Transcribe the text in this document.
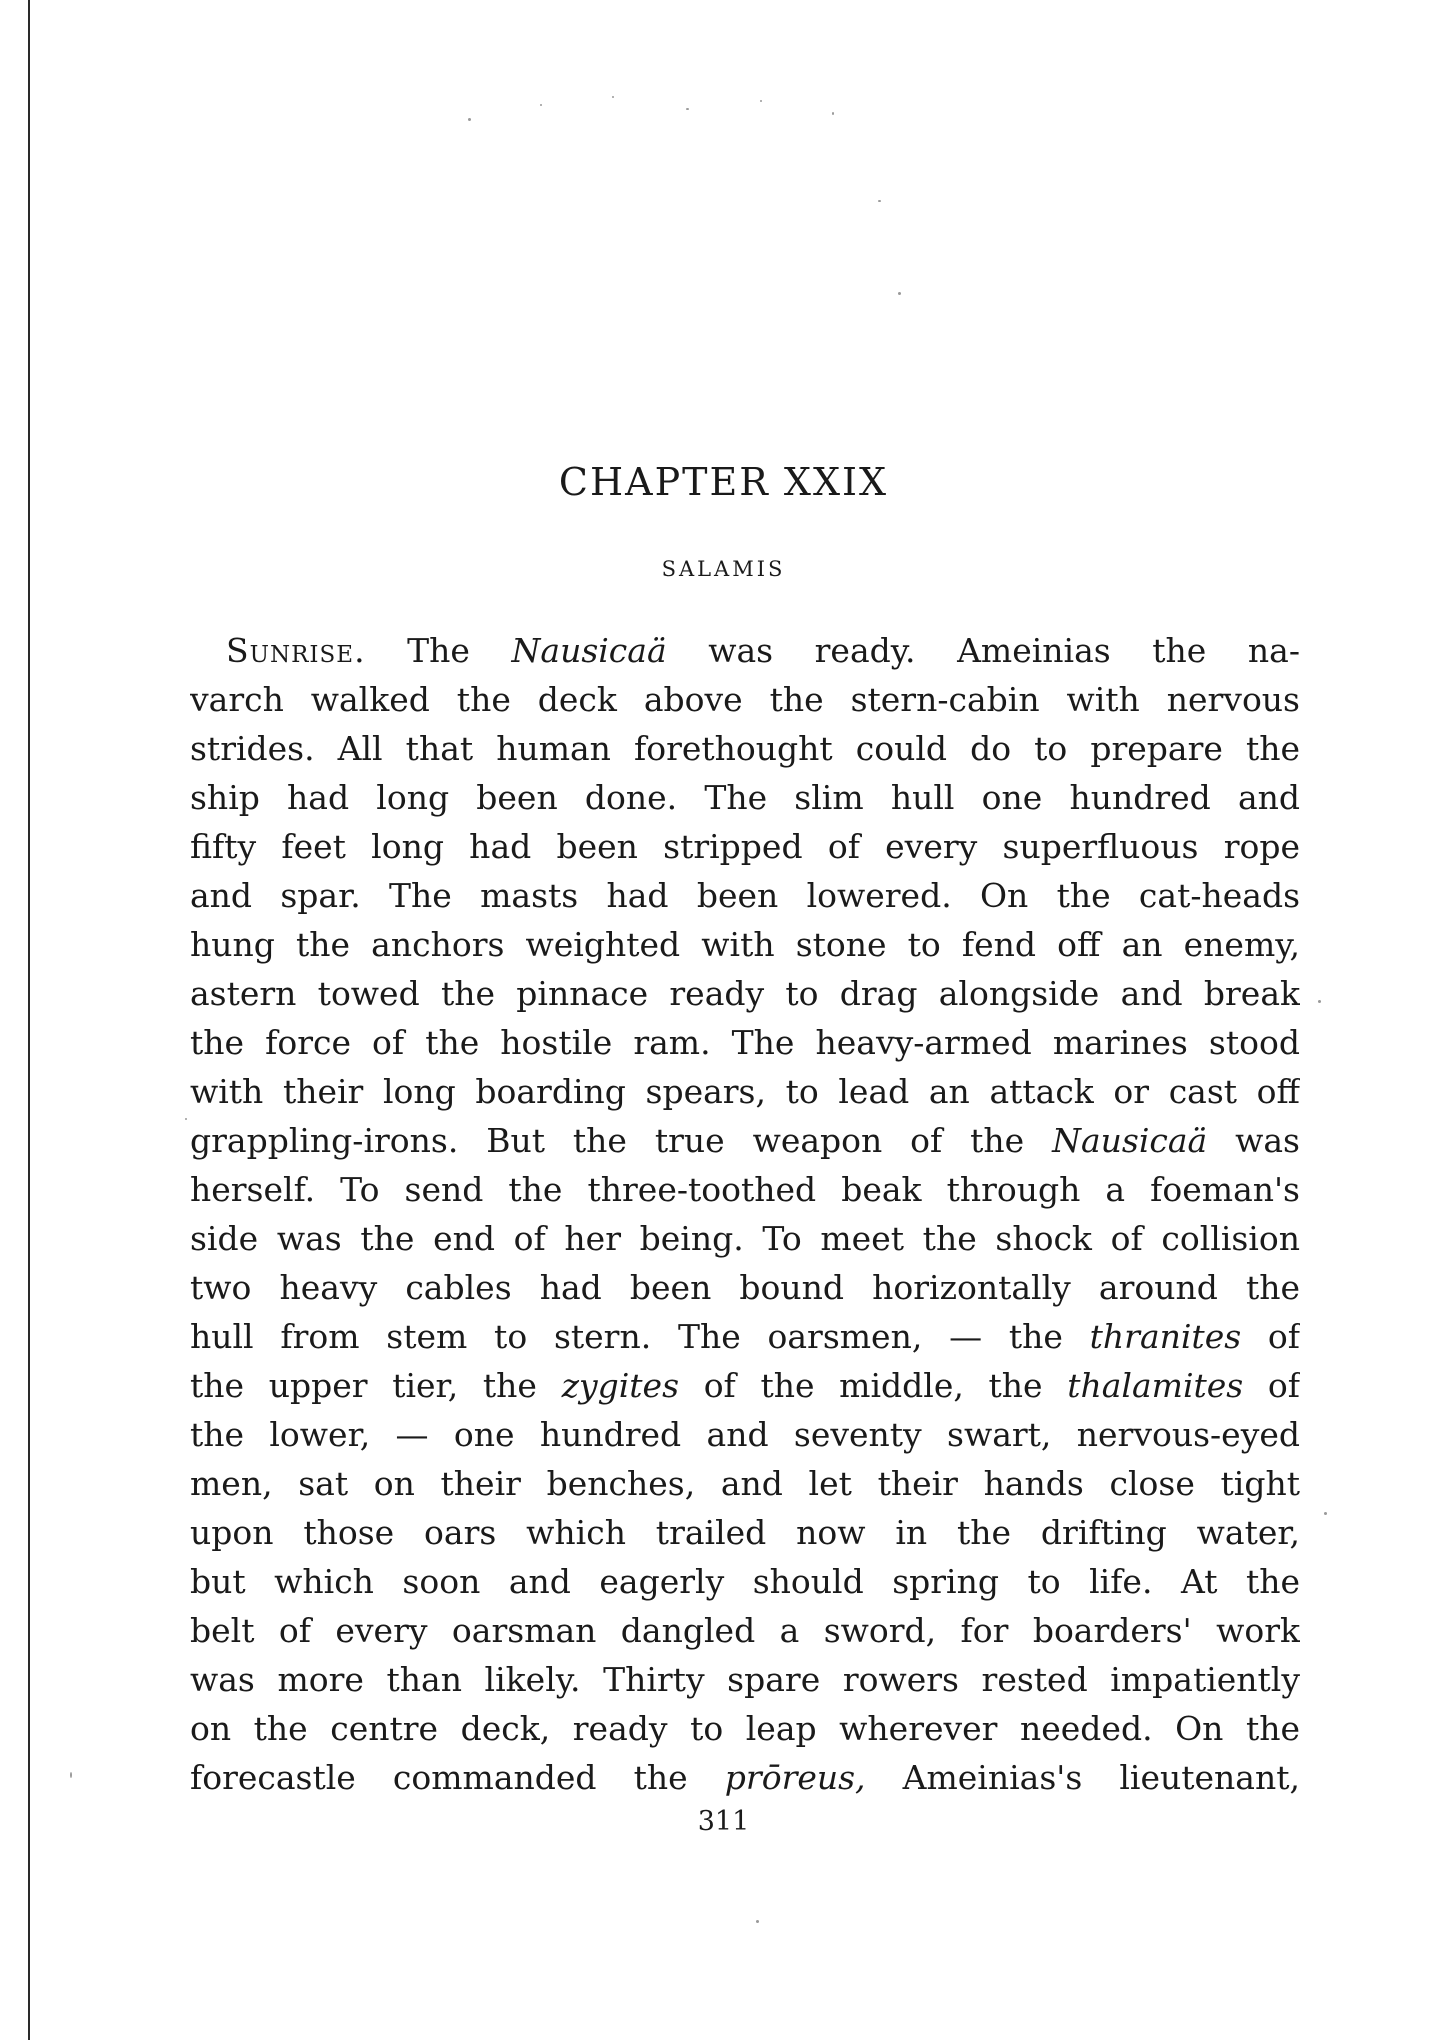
CHAPTER XXIX
SALAMIS
Sunrise. The Nausicaä was ready. Ameinias the na-
varch walked the deck above the stern-cabin with nervous
strides. All that human forethought could do to prepare the
ship had long been done. The slim hull one hundred and
fifty feet long had been stripped of every superfluous rope
and spar. The masts had been lowered. On the cat-heads
hung the anchors weighted with stone to fend off an enemy,
astern towed the pinnace ready to drag alongside and break
the force of the hostile ram. The heavy-armed marines stood
with their long boarding spears, to lead an attack or cast off
grappling-irons. But the true weapon of the Nausicaä was
herself. To send the three-toothed beak through a foeman's
side was the end of her being. To meet the shock of collision
two heavy cables had been bound horizontally around the
hull from stem to stern. The oarsmen, — the thranites of
the upper tier, the zygites of the middle, the thalamites of
the lower, — one hundred and seventy swart, nervous-eyed
men, sat on their benches, and let their hands close tight
upon those oars which trailed now in the drifting water,
but which soon and eagerly should spring to life. At the
belt of every oarsman dangled a sword, for boarders' work
was more than likely. Thirty spare rowers rested impatiently
on the centre deck, ready to leap wherever needed. On the
forecastle commanded the prōreus, Ameinias's lieutenant,
311
